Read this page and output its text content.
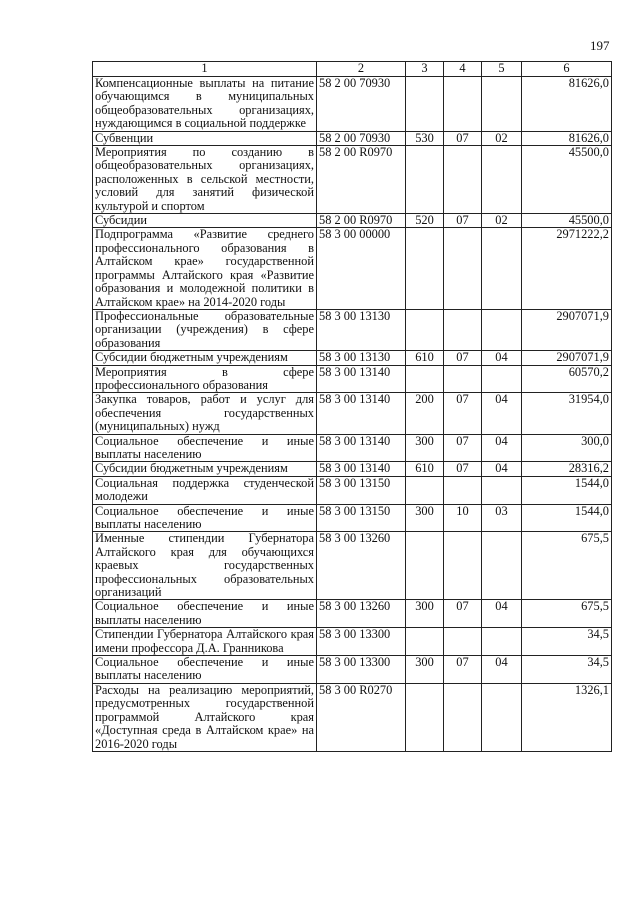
197
1	2	3	4	5	6
Компенсационные выплаты на питание обучающимся в муниципальных общеобразовательных организациях, нуждающимся в социальной поддержке	58 2 00 70930				81626,0
Субвенции	58 2 00 70930	530	07	02	81626,0
Мероприятия по созданию в общеобразовательных организациях, расположенных в сельской местности, условий для занятий физической культурой и спортом	58 2 00 R0970				45500,0
Субсидии	58 2 00 R0970	520	07	02	45500,0
Подпрограмма «Развитие среднего профессионального образования в Алтайском крае» государственной программы Алтайского края «Развитие образования и молодежной политики в Алтайском крае» на 2014-2020 годы	58 3 00 00000				2971222,2
Профессиональные образовательные организации (учреждения) в сфере образования	58 3 00 13130				2907071,9
Субсидии бюджетным учреждениям	58 3 00 13130	610	07	04	2907071,9
Мероприятия в сфере профессионального образования	58 3 00 13140				60570,2
Закупка товаров, работ и услуг для обеспечения государственных (муниципальных) нужд	58 3 00 13140	200	07	04	31954,0
Социальное обеспечение и иные выплаты населению	58 3 00 13140	300	07	04	300,0
Субсидии бюджетным учреждениям	58 3 00 13140	610	07	04	28316,2
Социальная поддержка студенческой молодежи	58 3 00 13150				1544,0
Социальное обеспечение и иные выплаты населению	58 3 00 13150	300	10	03	1544,0
Именные стипендии Губернатора Алтайского края для обучающихся краевых государственных профессиональных образовательных организаций	58 3 00 13260				675,5
Социальное обеспечение и иные выплаты населению	58 3 00 13260	300	07	04	675,5
Стипендии Губернатора Алтайского края имени профессора Д.А. Гранникова	58 3 00 13300				34,5
Социальное обеспечение и иные выплаты населению	58 3 00 13300	300	07	04	34,5
Расходы на реализацию мероприятий, предусмотренных государственной программой Алтайского края «Доступная среда в Алтайском крае» на 2016-2020 годы	58 3 00 R0270				1326,1
